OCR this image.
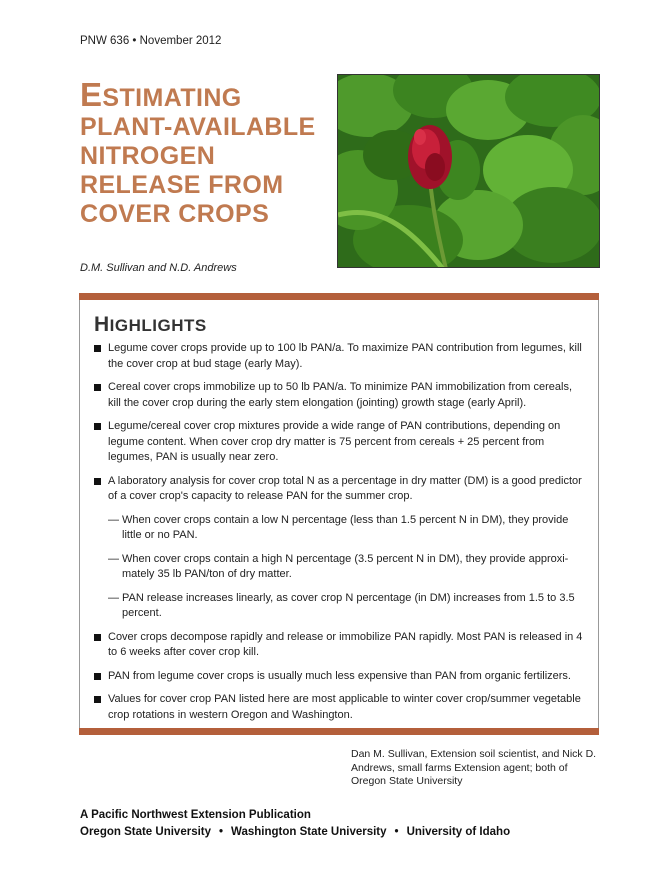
PNW 636 • November 2012
ESTIMATING
PLANT-AVAILABLE
NITROGEN
RELEASE FROM
COVER CROPS
D.M. Sullivan and N.D. Andrews
HIGHLIGHTS
Legume cover crops provide up to 100 lb PAN/a. To maximize PAN contribution from legumes, kill the cover crop at bud stage (early May).
Cereal cover crops immobilize up to 50 lb PAN/a. To minimize PAN immobilization from cereals, kill the cover crop during the early stem elongation (jointing) growth stage (early April).
Legume/cereal cover crop mixtures provide a wide range of PAN contributions, depending on legume content. When cover crop dry matter is 75 percent from cereals + 25 percent from legumes, PAN is usually near zero.
A laboratory analysis for cover crop total N as a percentage in dry matter (DM) is a good predictor of a cover crop's capacity to release PAN for the summer crop.
— When cover crops contain a low N percentage (less than 1.5 percent N in DM), they provide little or no PAN.
— When cover crops contain a high N percentage (3.5 percent N in DM), they provide approximately 35 lb PAN/ton of dry matter.
— PAN release increases linearly, as cover crop N percentage (in DM) increases from 1.5 to 3.5 percent.
Cover crops decompose rapidly and release or immobilize PAN rapidly. Most PAN is released in 4 to 6 weeks after cover crop kill.
PAN from legume cover crops is usually much less expensive than PAN from organic fertilizers.
Values for cover crop PAN listed here are most applicable to winter cover crop/summer vegetable crop rotations in western Oregon and Washington.
Dan M. Sullivan, Extension soil scientist, and Nick D. Andrews, small farms Extension agent; both of Oregon State University
A Pacific Northwest Extension Publication
Oregon State University • Washington State University • University of Idaho
